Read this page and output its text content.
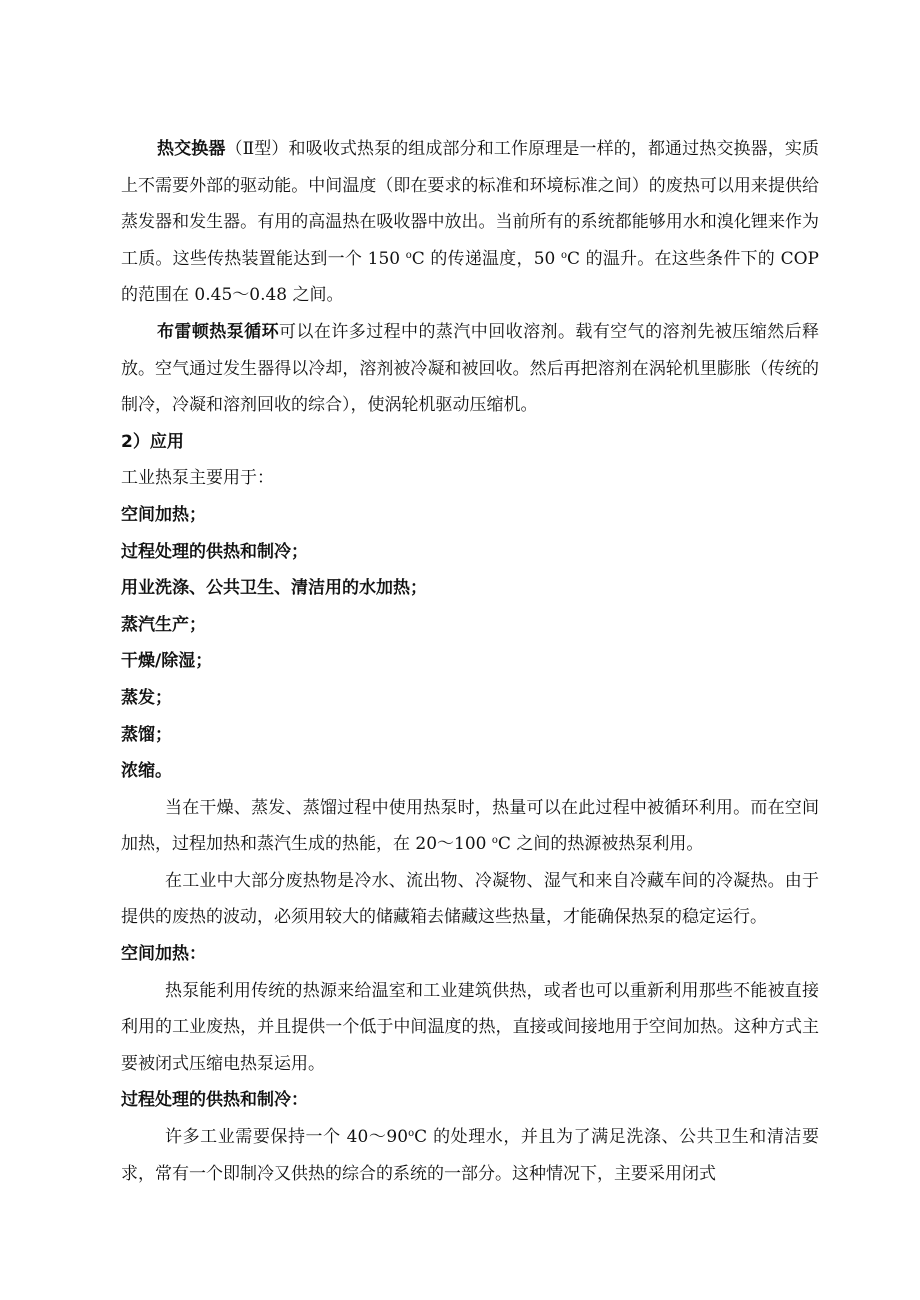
热交换器（Ⅱ型）和吸收式热泵的组成部分和工作原理是一样的，都通过热交换器，实质上不需要外部的驱动能。中间温度（即在要求的标准和环境标准之间）的废热可以用来提供给蒸发器和发生器。有用的高温热在吸收器中放出。当前所有的系统都能够用水和溴化锂来作为工质。这些传热装置能达到一个 150 $^o$C 的传递温度，50 $^o$C 的温升。在这些条件下的 COP 的范围在 0.45～0.48 之间。

布雷顿热泵循环可以在许多过程中的蒸汽中回收溶剂。载有空气的溶剂先被压缩然后释放。空气通过发生器得以冷却，溶剂被冷凝和被回收。然后再把溶剂在涡轮机里膨胀（传统的制冷，冷凝和溶剂回收的综合），使涡轮机驱动压缩机。

2）应用

工业热泵主要用于：

空间加热；

过程处理的供热和制冷；

用业洗涤、公共卫生、清洁用的水加热；

蒸汽生产；

干燥/除湿；

蒸发；

蒸馏；

浓缩。

当在干燥、蒸发、蒸馏过程中使用热泵时，热量可以在此过程中被循环利用。而在空间加热，过程加热和蒸汽生成的热能，在 20～100 $^o$C 之间的热源被热泵利用。

在工业中大部分废热物是冷水、流出物、冷凝物、湿气和来自冷藏车间的冷凝热。由于提供的废热的波动，必须用较大的储藏箱去储藏这些热量，才能确保热泵的稳定运行。

空间加热：

热泵能利用传统的热源来给温室和工业建筑供热，或者也可以重新利用那些不能被直接利用的工业废热，并且提供一个低于中间温度的热，直接或间接地用于空间加热。这种方式主要被闭式压缩电热泵运用。

过程处理的供热和制冷：

许多工业需要保持一个 40～90$^o$C 的处理水，并且为了满足洗涤、公共卫生和清洁要求，常有一个即制冷又供热的综合的系统的一部分。这种情况下，主要采用闭式
